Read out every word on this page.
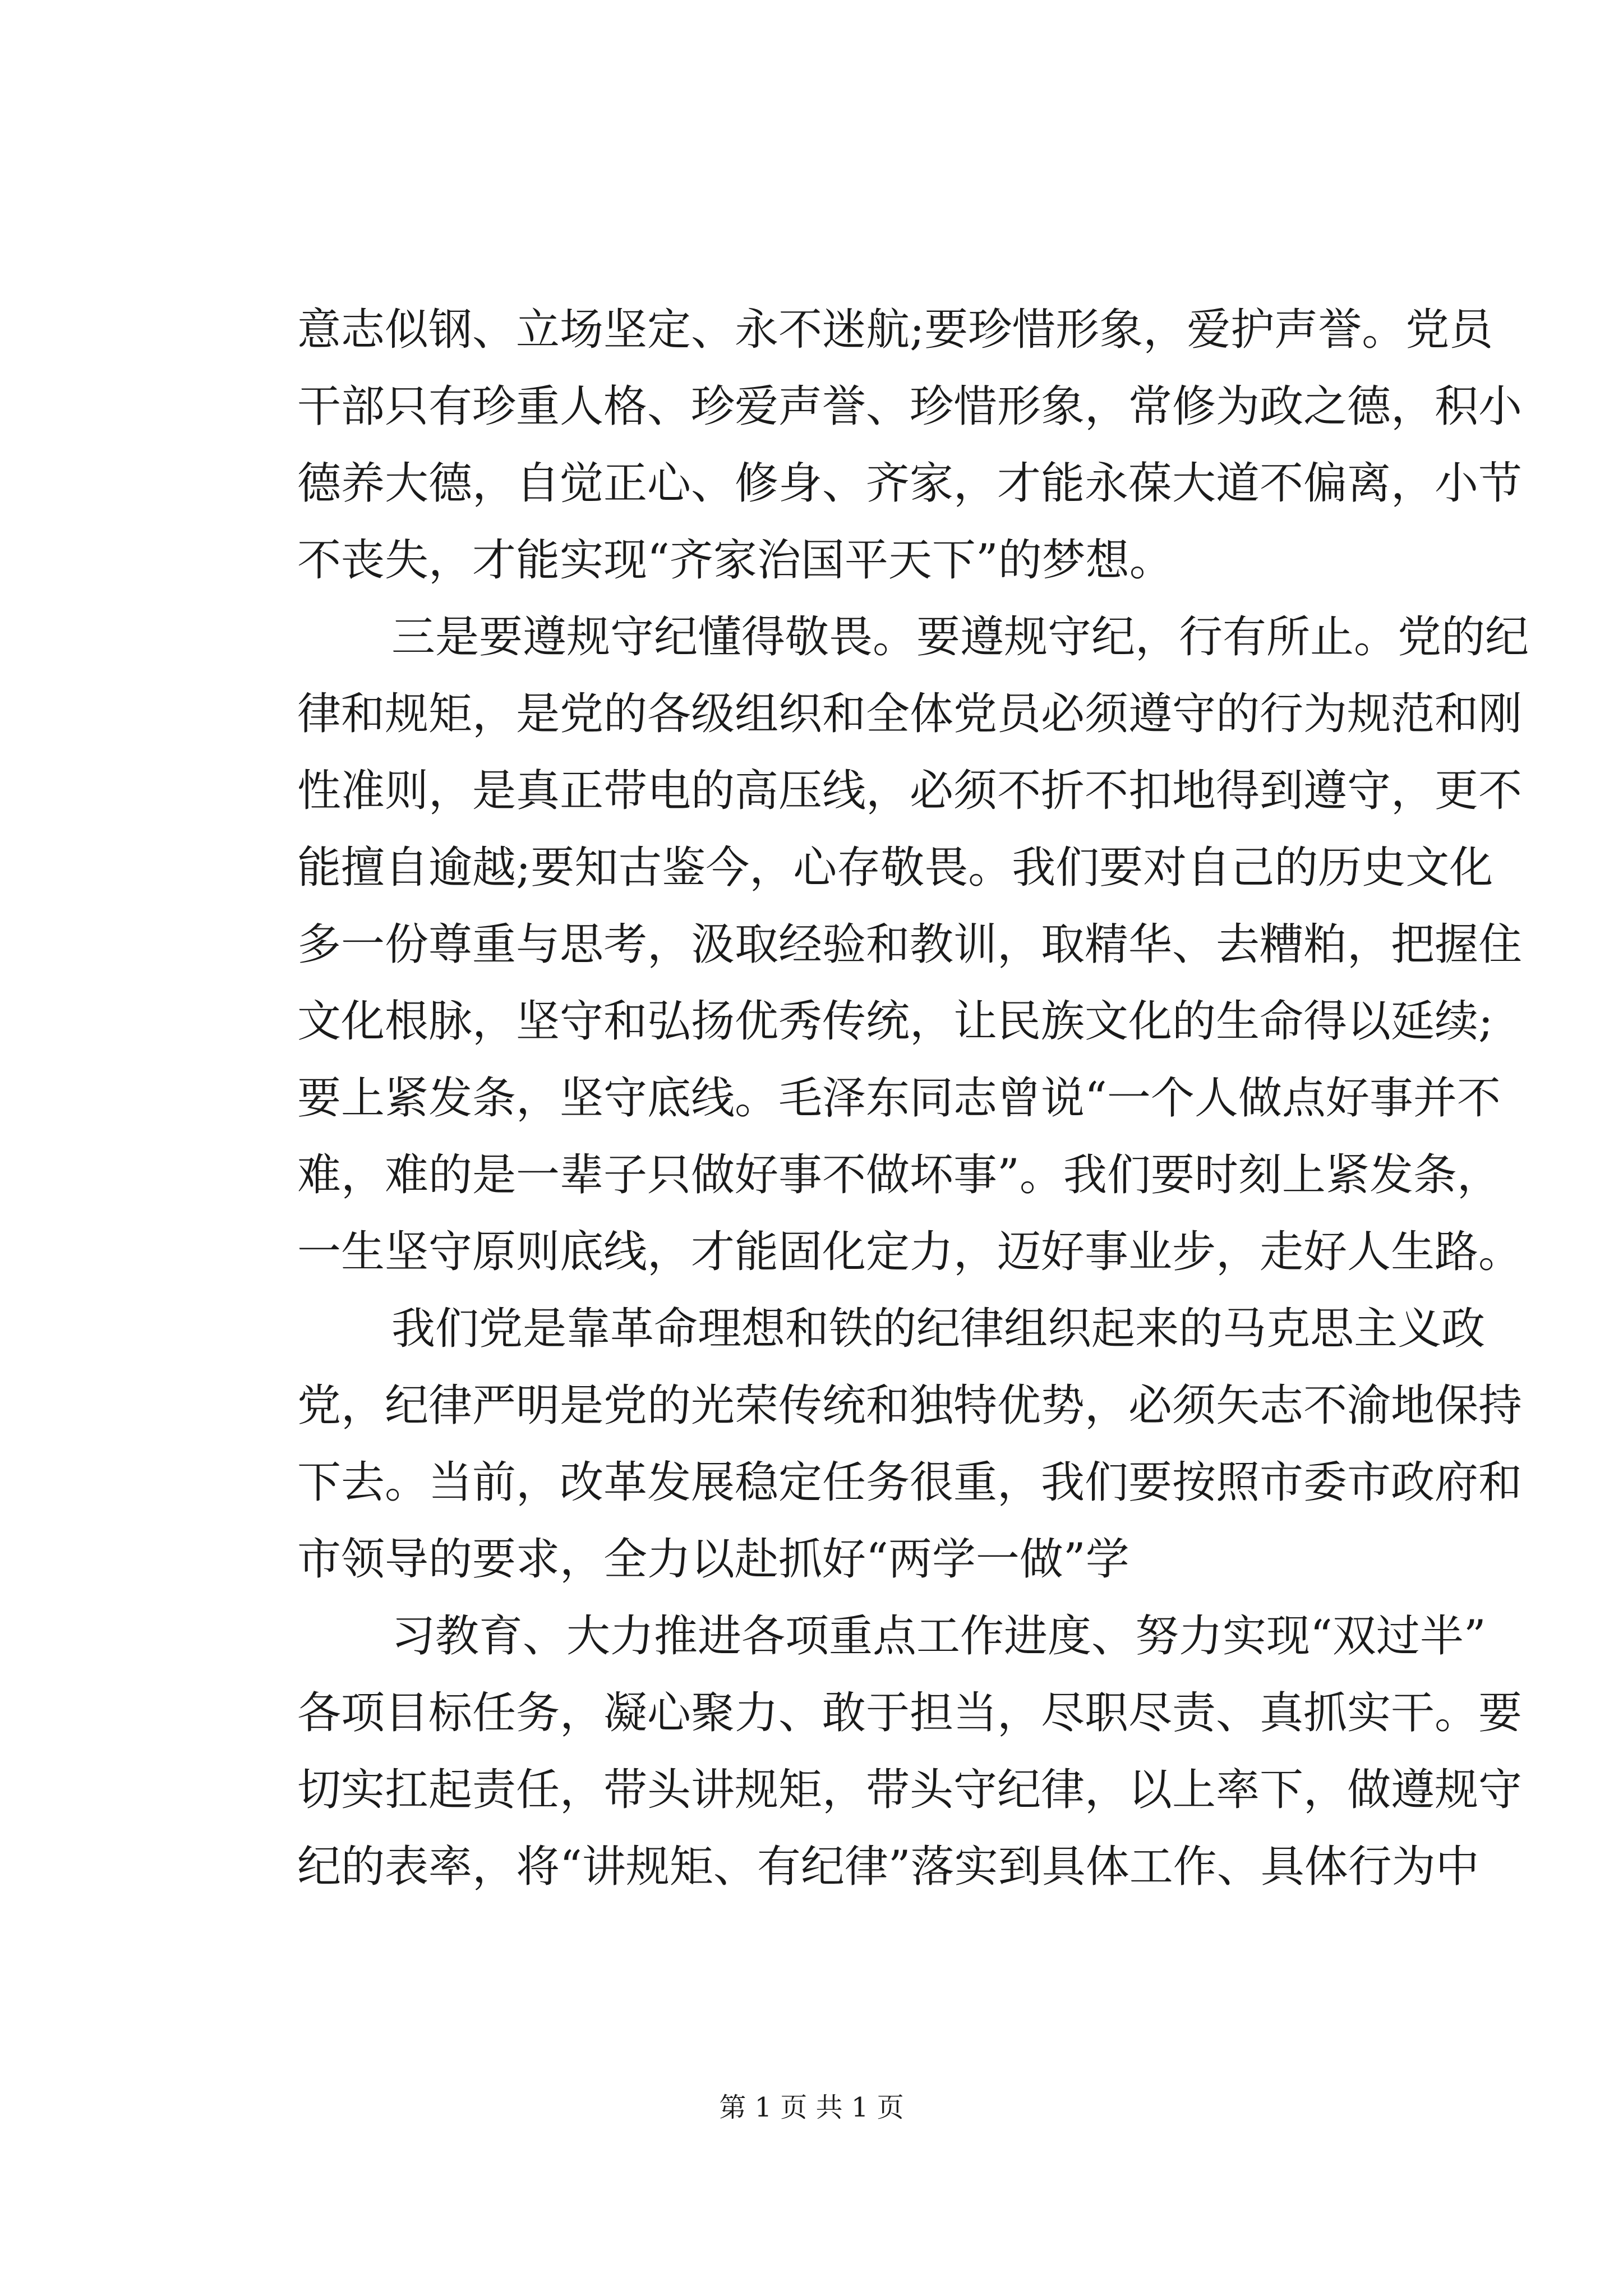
意志似钢、立场坚定、永不迷航;要珍惜形象，爱护声誉。党员
干部只有珍重人格、珍爱声誉、珍惜形象，常修为政之德，积小
德养大德，自觉正心、修身、齐家，才能永葆大道不偏离，小节
不丧失，才能实现“齐家治国平天下”的梦想。
三是要遵规守纪懂得敬畏。要遵规守纪，行有所止。党的纪
律和规矩，是党的各级组织和全体党员必须遵守的行为规范和刚
性准则，是真正带电的高压线，必须不折不扣地得到遵守，更不
能擅自逾越;要知古鉴今，心存敬畏。我们要对自己的历史文化
多一份尊重与思考，汲取经验和教训，取精华、去糟粕，把握住
文化根脉，坚守和弘扬优秀传统，让民族文化的生命得以延续;
要上紧发条，坚守底线。毛泽东同志曾说“一个人做点好事并不
难，难的是一辈子只做好事不做坏事”。我们要时刻上紧发条，
一生坚守原则底线，才能固化定力，迈好事业步，走好人生路。
我们党是靠革命理想和铁的纪律组织起来的马克思主义政
党，纪律严明是党的光荣传统和独特优势，必须矢志不渝地保持
下去。当前，改革发展稳定任务很重，我们要按照市委市政府和
市领导的要求，全力以赴抓好“两学一做”学
习教育、大力推进各项重点工作进度、努力实现“双过半”
各项目标任务，凝心聚力、敢于担当，尽职尽责、真抓实干。要
切实扛起责任，带头讲规矩，带头守纪律，以上率下，做遵规守
纪的表率，将“讲规矩、有纪律”落实到具体工作、具体行为中
第 1 页 共 1 页
